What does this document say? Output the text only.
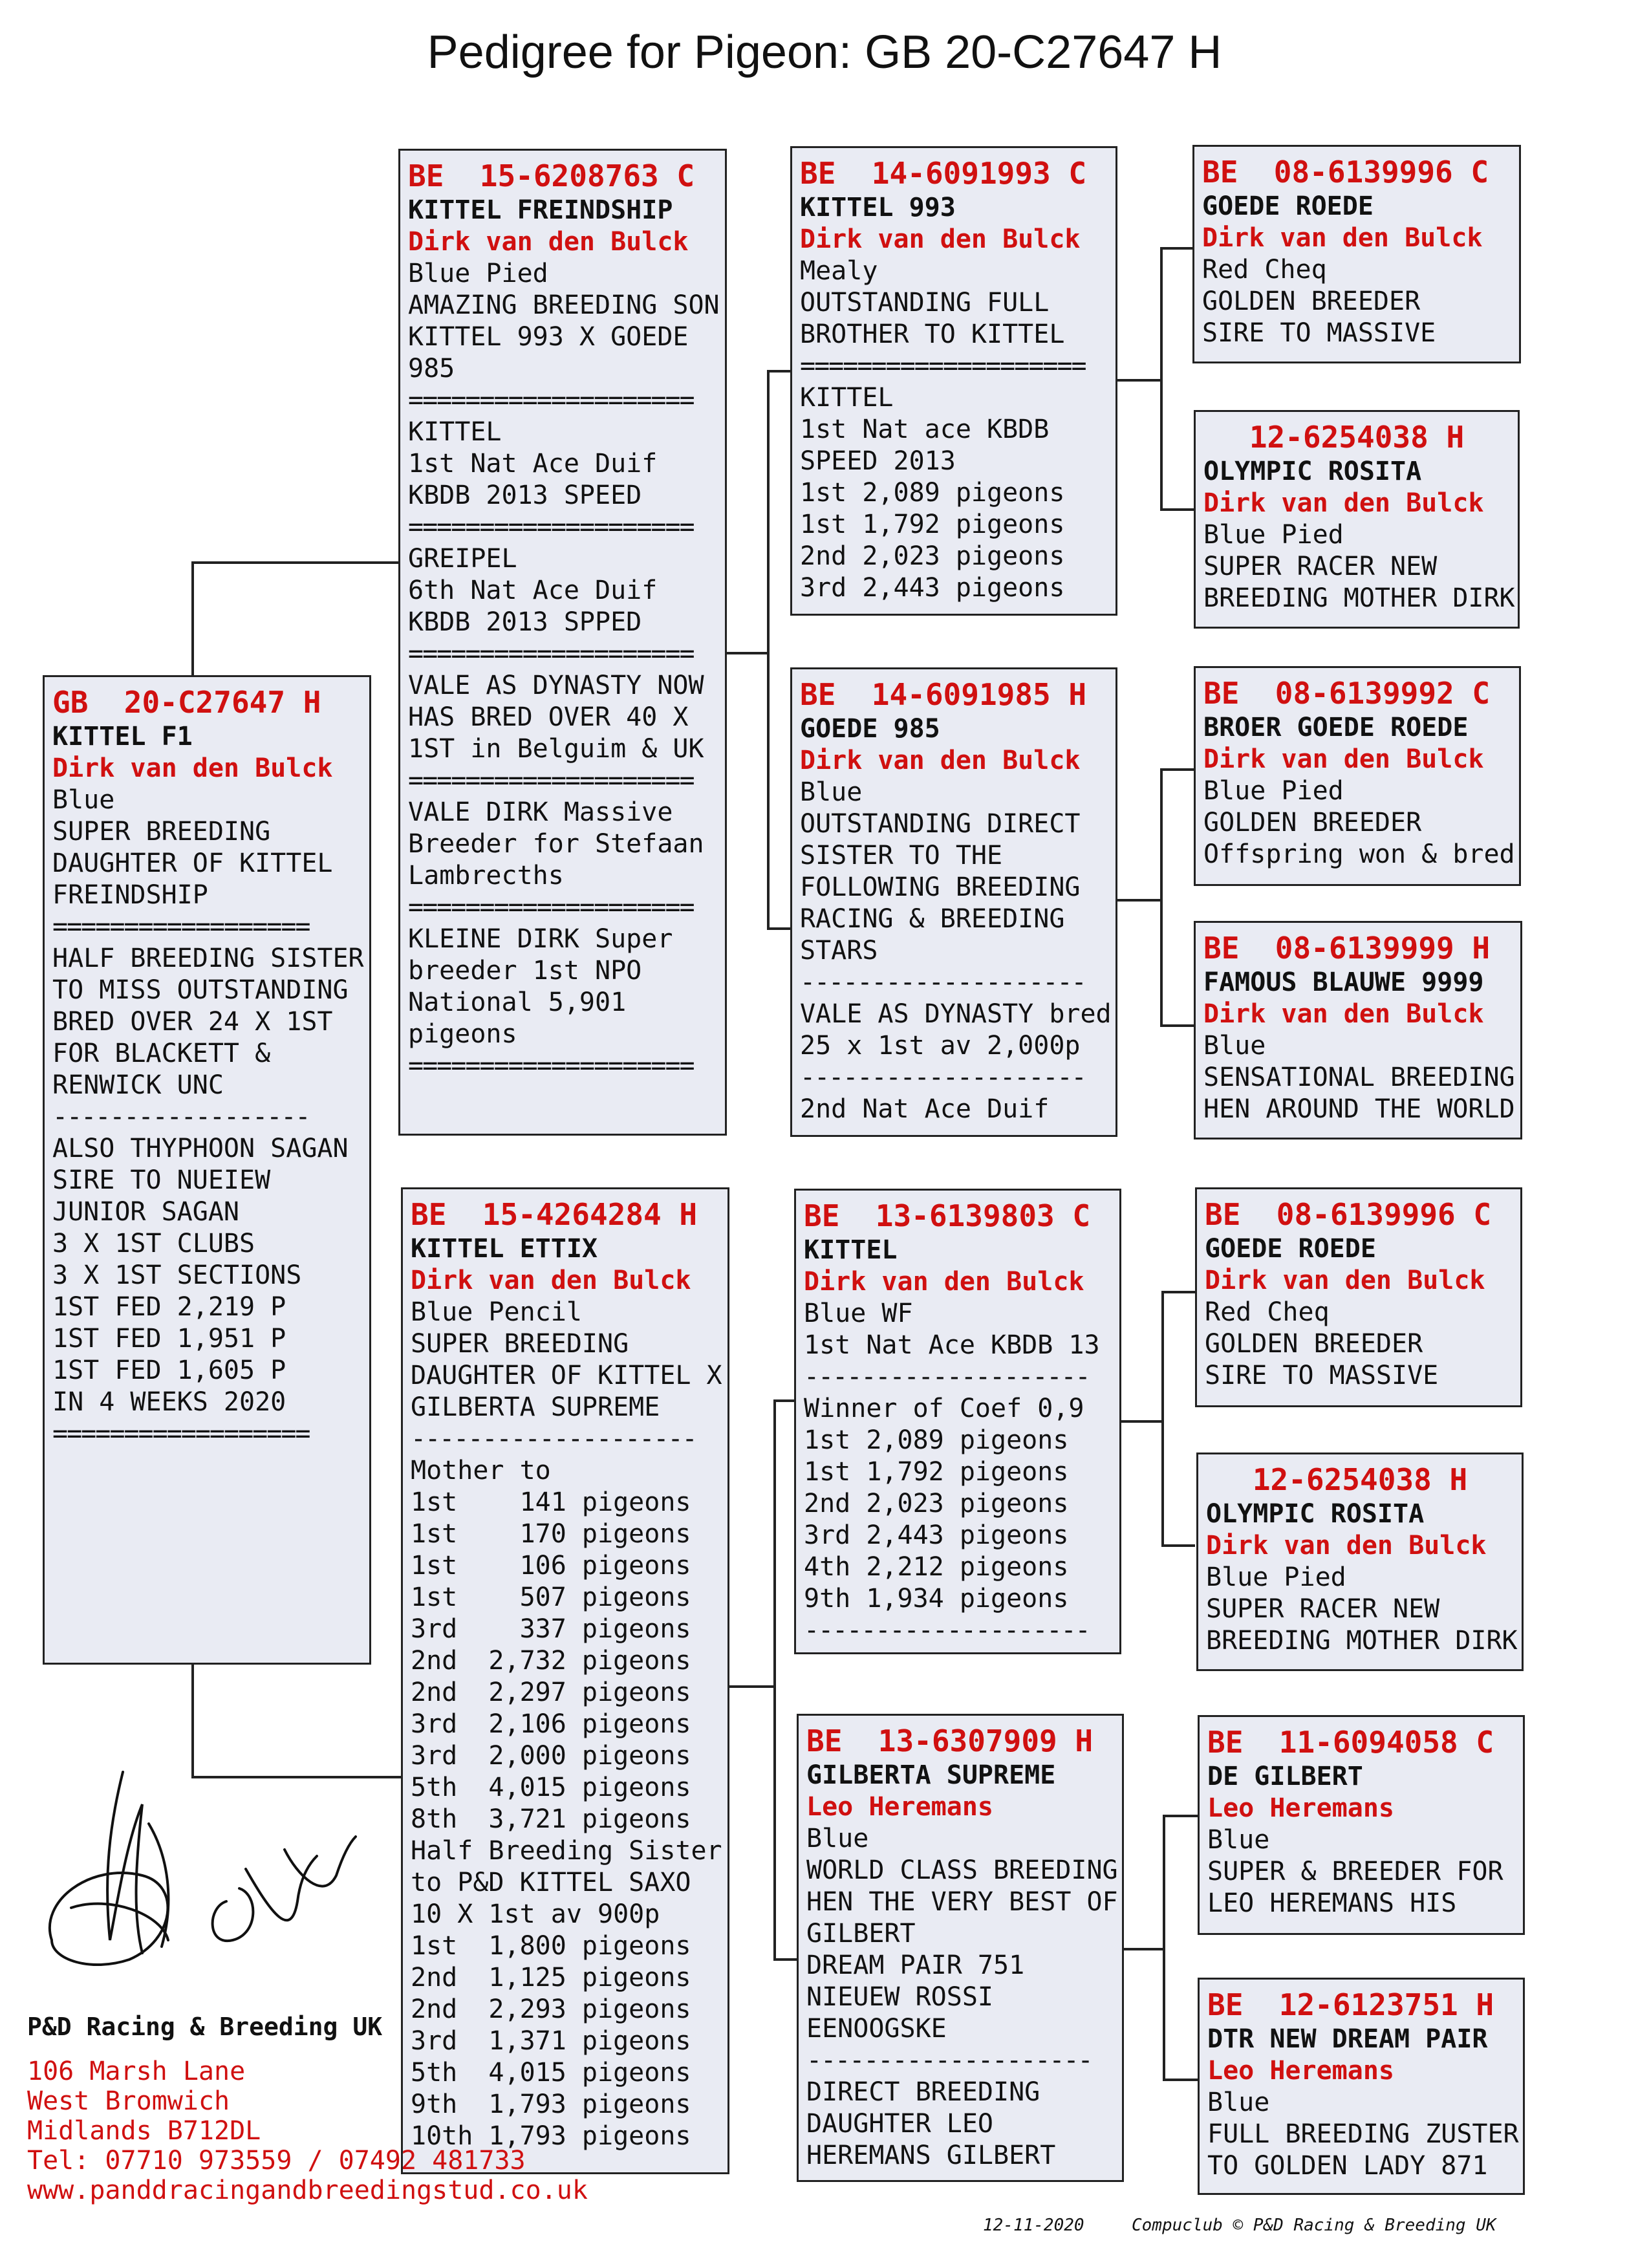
Pedigree for Pigeon: GB 20-C27647 H
GB  20-C27647 H
KITTEL F1
Dirk van den Bulck
Blue
SUPER BREEDING
DAUGHTER OF KITTEL
FREINDSHIP
==================
HALF BREEDING SISTER
TO MISS OUTSTANDING
BRED OVER 24 X 1ST
FOR BLACKETT &
RENWICK UNC
------------------
ALSO THYPHOON SAGAN
SIRE TO NUEIEW
JUNIOR SAGAN
3 X 1ST CLUBS
3 X 1ST SECTIONS
1ST FED 2,219 P
1ST FED 1,951 P
1ST FED 1,605 P
IN 4 WEEKS 2020
==================
BE  15-6208763 C
KITTEL FREINDSHIP
Dirk van den Bulck
Blue Pied
AMAZING BREEDING SON
KITTEL 993 X GOEDE
985
====================
KITTEL
1st Nat Ace Duif
KBDB 2013 SPEED
====================
GREIPEL
6th Nat Ace Duif
KBDB 2013 SPPED
====================
VALE AS DYNASTY NOW
HAS BRED OVER 40 X
1ST in Belguim & UK
====================
VALE DIRK Massive
Breeder for Stefaan
Lambrecths
====================
KLEINE DIRK Super
breeder 1st NPO
National 5,901
pigeons
====================
BE  15-4264284 H
KITTEL ETTIX
Dirk van den Bulck
Blue Pencil
SUPER BREEDING
DAUGHTER OF KITTEL X
GILBERTA SUPREME
--------------------
Mother to
1st    141 pigeons
1st    170 pigeons
1st    106 pigeons
1st    507 pigeons
3rd    337 pigeons
2nd  2,732 pigeons
2nd  2,297 pigeons
3rd  2,106 pigeons
3rd  2,000 pigeons
5th  4,015 pigeons
8th  3,721 pigeons
Half Breeding Sister
to P&D KITTEL SAXO
10 X 1st av 900p
1st  1,800 pigeons
2nd  1,125 pigeons
2nd  2,293 pigeons
3rd  1,371 pigeons
5th  4,015 pigeons
9th  1,793 pigeons
10th 1,793 pigeons
BE  14-6091993 C
KITTEL 993
Dirk van den Bulck
Mealy
OUTSTANDING FULL
BROTHER TO KITTEL
====================
KITTEL
1st Nat ace KBDB
SPEED 2013
1st 2,089 pigeons
1st 1,792 pigeons
2nd 2,023 pigeons
3rd 2,443 pigeons
BE  14-6091985 H
GOEDE 985
Dirk van den Bulck
Blue
OUTSTANDING DIRECT
SISTER TO THE
FOLLOWING BREEDING
RACING & BREEDING
STARS
--------------------
VALE AS DYNASTY bred
25 x 1st av 2,000p
--------------------
2nd Nat Ace Duif
BE  13-6139803 C
KITTEL
Dirk van den Bulck
Blue WF
1st Nat Ace KBDB 13
--------------------
Winner of Coef 0,9
1st 2,089 pigeons
1st 1,792 pigeons
2nd 2,023 pigeons
3rd 2,443 pigeons
4th 2,212 pigeons
9th 1,934 pigeons
--------------------
BE  13-6307909 H
GILBERTA SUPREME
Leo Heremans
Blue
WORLD CLASS BREEDING
HEN THE VERY BEST OF
GILBERT
DREAM PAIR 751
NIEUEW ROSSI
EENOOGSKE
--------------------
DIRECT BREEDING
DAUGHTER LEO
HEREMANS GILBERT
BE  08-6139996 C
GOEDE ROEDE
Dirk van den Bulck
Red Cheq
GOLDEN BREEDER
SIRE TO MASSIVE
12-6254038 H
OLYMPIC ROSITA
Dirk van den Bulck
Blue Pied
SUPER RACER NEW
BREEDING MOTHER DIRK
BE  08-6139992 C
BROER GOEDE ROEDE
Dirk van den Bulck
Blue Pied
GOLDEN BREEDER
Offspring won & bred
BE  08-6139999 H
FAMOUS BLAUWE 9999
Dirk van den Bulck
Blue
SENSATIONAL BREEDING
HEN AROUND THE WORLD
BE  08-6139996 C
GOEDE ROEDE
Dirk van den Bulck
Red Cheq
GOLDEN BREEDER
SIRE TO MASSIVE
12-6254038 H
OLYMPIC ROSITA
Dirk van den Bulck
Blue Pied
SUPER RACER NEW
BREEDING MOTHER DIRK
BE  11-6094058 C
DE GILBERT
Leo Heremans
Blue
SUPER & BREEDER FOR
LEO HEREMANS HIS
BE  12-6123751 H
DTR NEW DREAM PAIR
Leo Heremans
Blue
FULL BREEDING ZUSTER
TO GOLDEN LADY 871
P&D Racing & Breeding UK
106 Marsh Lane
West Bromwich
Midlands B712DL
Tel: 07710 973559 / 07492 481733
www.panddracingandbreedingstud.co.uk
12-11-2020	Compuclub © P&D Racing & Breeding UK
